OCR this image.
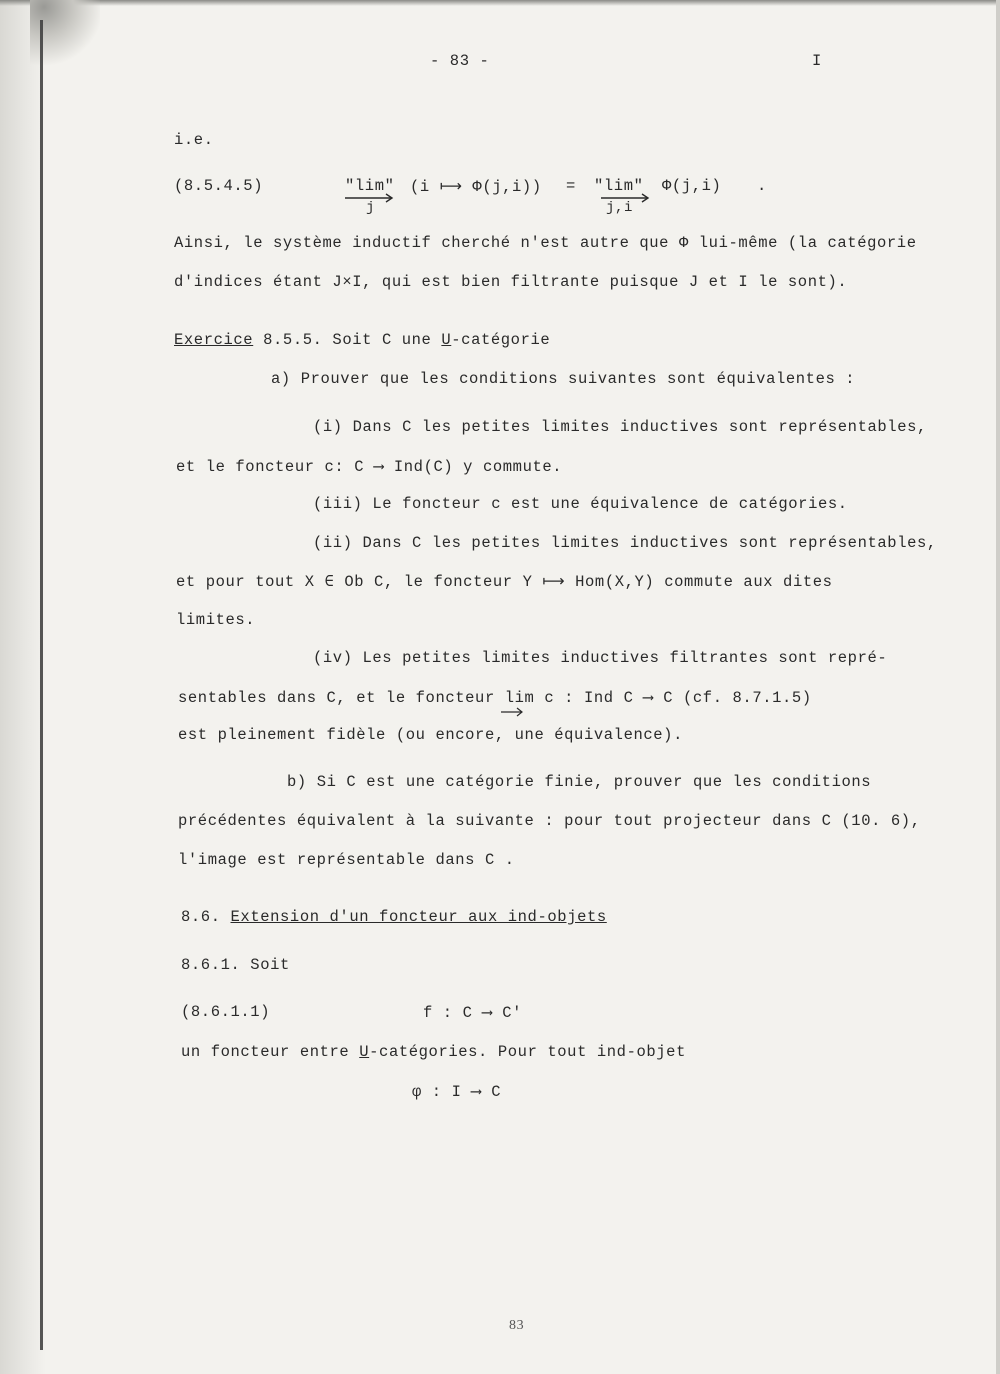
- 83 -	I
i.e.
(8.5.4.5)	"lim"
j
(i ⟼ Φ(j,i)) = "lim"
j,i
Φ(j,i) .
Ainsi, le système inductif cherché n'est autre que Φ lui-même (la catégorie
d'indices étant J×I, qui est bien filtrante puisque J et I le sont).
Exercice 8.5.5. Soit C une U-catégorie
a) Prouver que les conditions suivantes sont équivalentes :
(i) Dans C les petites limites inductives sont représentables,
et le foncteur c: C ⟶ Ind(C) y commute.
(iii) Le foncteur c est une équivalence de catégories.
(ii) Dans C les petites limites inductives sont représentables,
et pour tout X ∈ Ob C, le foncteur Y ⟼ Hom(X,Y) commute aux dites
limites.
(iv) Les petites limites inductives filtrantes sont repré-
sentables dans C, et le foncteur lim c : Ind C ⟶ C (cf. 8.7.1.5)
est pleinement fidèle (ou encore, une équivalence).
b) Si C est une catégorie finie, prouver que les conditions
précédentes équivalent à la suivante : pour tout projecteur dans C (10. 6),
l'image est représentable dans C .
8.6. Extension d'un foncteur aux ind-objets
8.6.1. Soit
(8.6.1.1)	f : C ⟶ C'
un foncteur entre U-catégories. Pour tout ind-objet
φ : I ⟶ C
83
